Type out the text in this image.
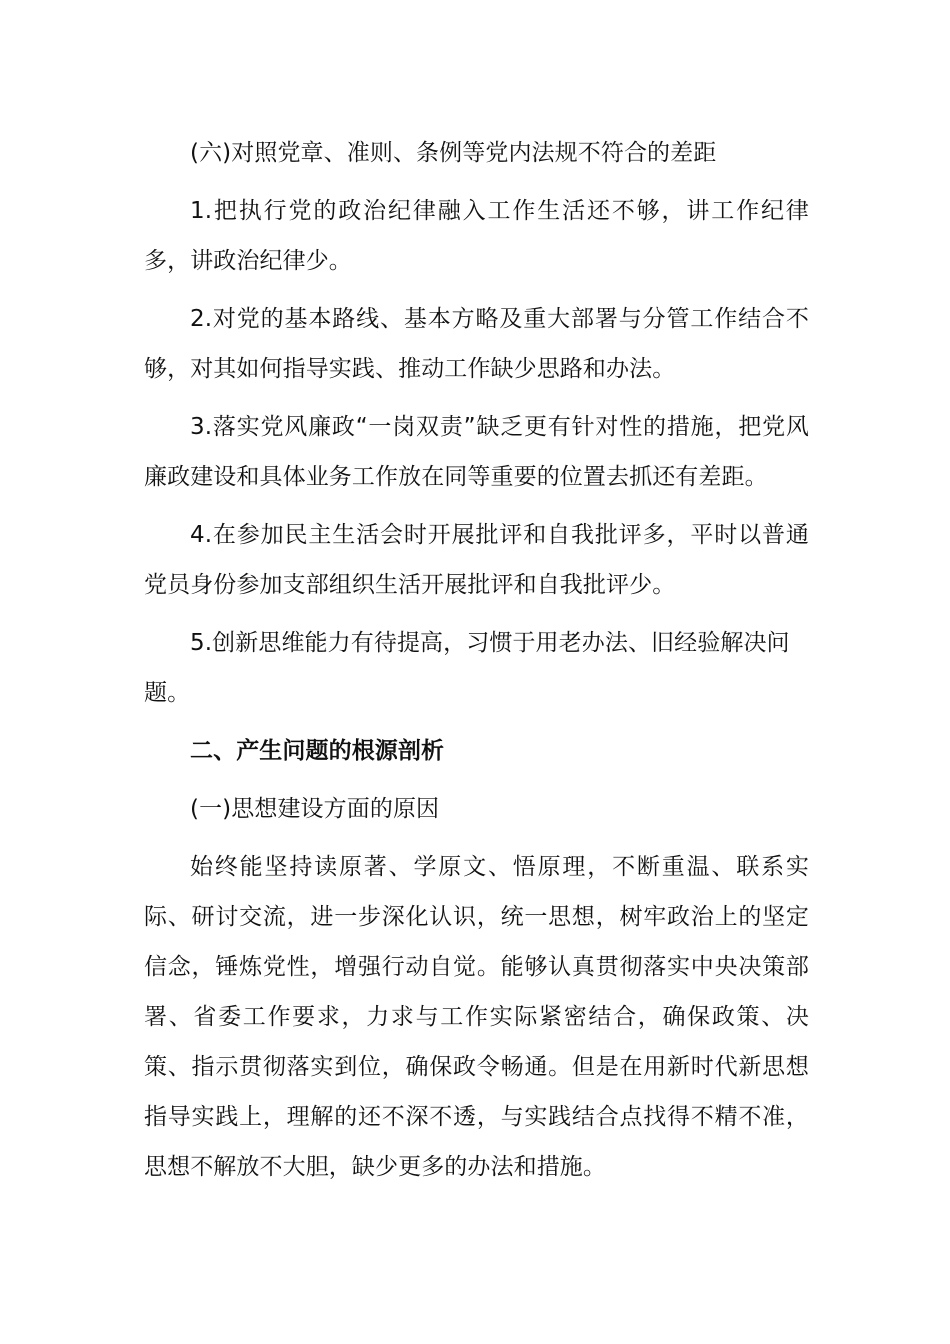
(六)对照党章、准则、条例等党内法规不符合的差距

1.把执行党的政治纪律融入工作生活还不够，讲工作纪律多，讲政治纪律少。

2.对党的基本路线、基本方略及重大部署与分管工作结合不够，对其如何指导实践、推动工作缺少思路和办法。

3.落实党风廉政“一岗双责”缺乏更有针对性的措施，把党风廉政建设和具体业务工作放在同等重要的位置去抓还有差距。

4.在参加民主生活会时开展批评和自我批评多，平时以普通党员身份参加支部组织生活开展批评和自我批评少。

5.创新思维能力有待提高，习惯于用老办法、旧经验解决问题。

二、产生问题的根源剖析

(一)思想建设方面的原因

始终能坚持读原著、学原文、悟原理，不断重温、联系实际、研讨交流，进一步深化认识，统一思想，树牢政治上的坚定信念，锤炼党性，增强行动自觉。能够认真贯彻落实中央决策部署、省委工作要求，力求与工作实际紧密结合，确保政策、决策、指示贯彻落实到位，确保政令畅通。但是在用新时代新思想指导实践上，理解的还不深不透，与实践结合点找得不精不准，思想不解放不大胆，缺少更多的办法和措施。
